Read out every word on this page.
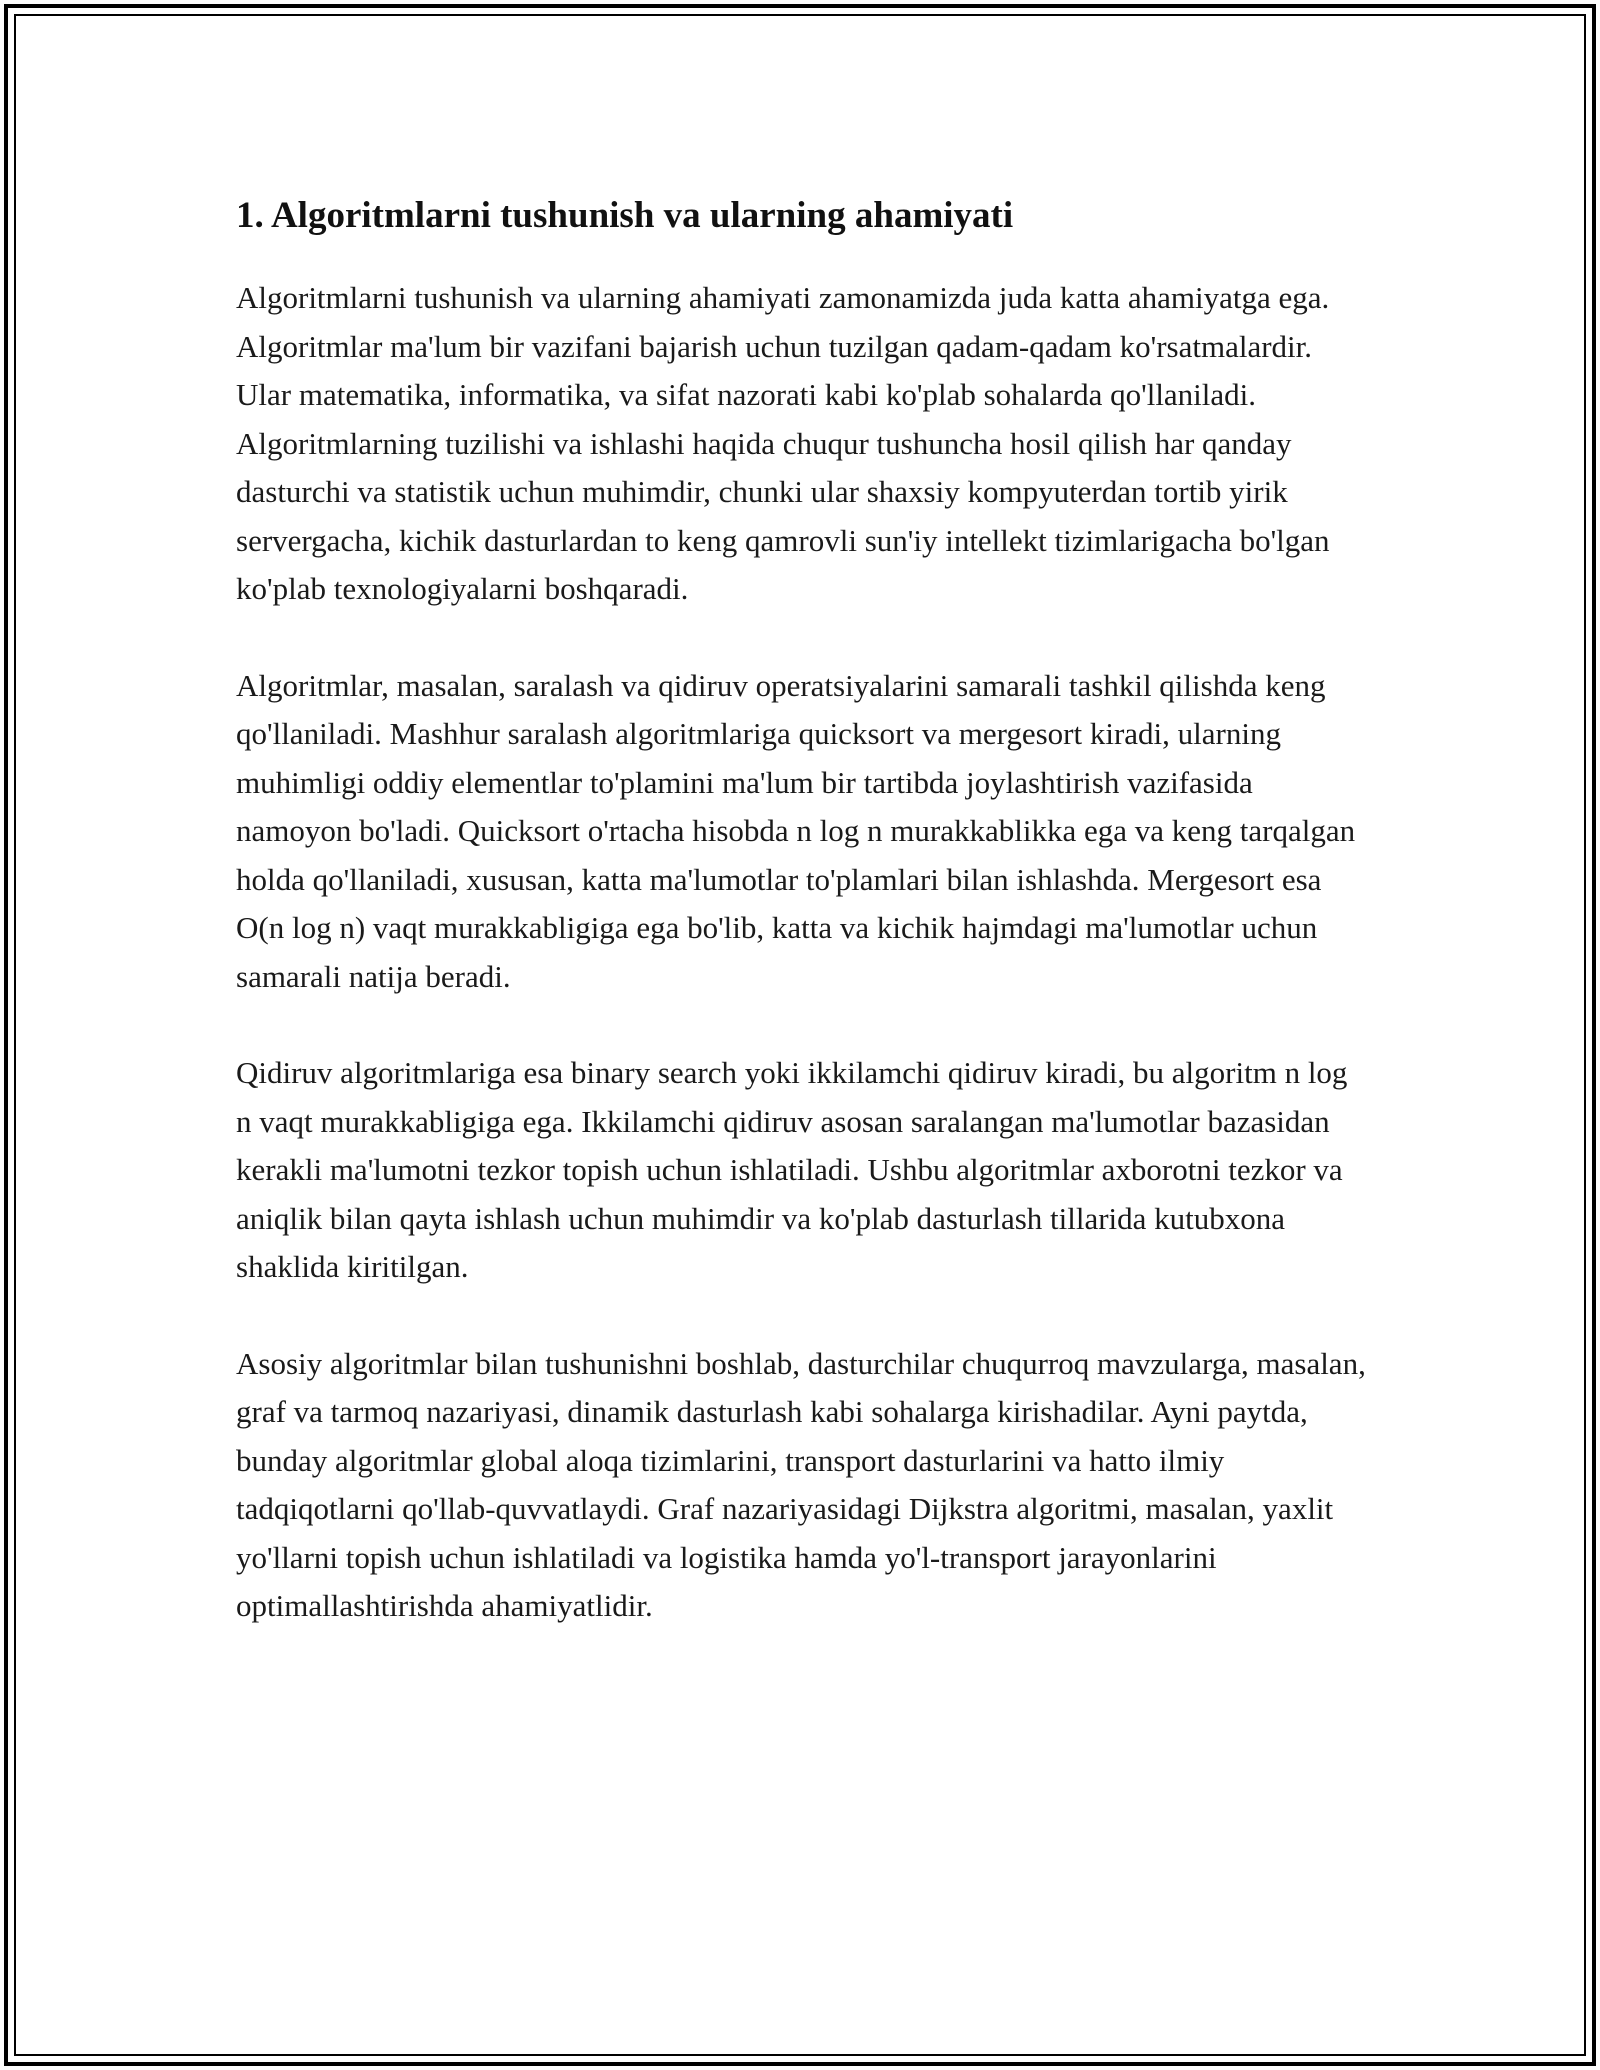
1. Algoritmlarni tushunish va ularning ahamiyati

Algoritmlarni tushunish va ularning ahamiyati zamonamizda juda katta ahamiyatga ega. Algoritmlar ma'lum bir vazifani bajarish uchun tuzilgan qadam-qadam ko'rsatmalardir. Ular matematika, informatika, va sifat nazorati kabi ko'plab sohalarda qo'llaniladi. Algoritmlarning tuzilishi va ishlashi haqida chuqur tushuncha hosil qilish har qanday dasturchi va statistik uchun muhimdir, chunki ular shaxsiy kompyuterdan tortib yirik servergacha, kichik dasturlardan to keng qamrovli sun'iy intellekt tizimlarigacha bo'lgan ko'plab texnologiyalarni boshqaradi.

Algoritmlar, masalan, saralash va qidiruv operatsiyalarini samarali tashkil qilishda keng qo'llaniladi. Mashhur saralash algoritmlariga quicksort va mergesort kiradi, ularning muhimligi oddiy elementlar to'plamini ma'lum bir tartibda joylashtirish vazifasida namoyon bo'ladi. Quicksort o'rtacha hisobda n log n murakkablikka ega va keng tarqalgan holda qo'llaniladi, xususan, katta ma'lumotlar to'plamlari bilan ishlashda. Mergesort esa O(n log n) vaqt murakkabligiga ega bo'lib, katta va kichik hajmdagi ma'lumotlar uchun samarali natija beradi.

Qidiruv algoritmlariga esa binary search yoki ikkilamchi qidiruv kiradi, bu algoritm n log n vaqt murakkabligiga ega. Ikkilamchi qidiruv asosan saralangan ma'lumotlar bazasidan kerakli ma'lumotni tezkor topish uchun ishlatiladi. Ushbu algoritmlar axborotni tezkor va aniqlik bilan qayta ishlash uchun muhimdir va ko'plab dasturlash tillarida kutubxona shaklida kiritilgan.

Asosiy algoritmlar bilan tushunishni boshlab, dasturchilar chuqurroq mavzularga, masalan, graf va tarmoq nazariyasi, dinamik dasturlash kabi sohalarga kirishadilar. Ayni paytda, bunday algoritmlar global aloqa tizimlarini, transport dasturlarini va hatto ilmiy tadqiqotlarni qo'llab-quvvatlaydi. Graf nazariyasidagi Dijkstra algoritmi, masalan, yaxlit yo'llarni topish uchun ishlatiladi va logistika hamda yo'l-transport jarayonlarini optimallashtirishda ahamiyatlidir.
